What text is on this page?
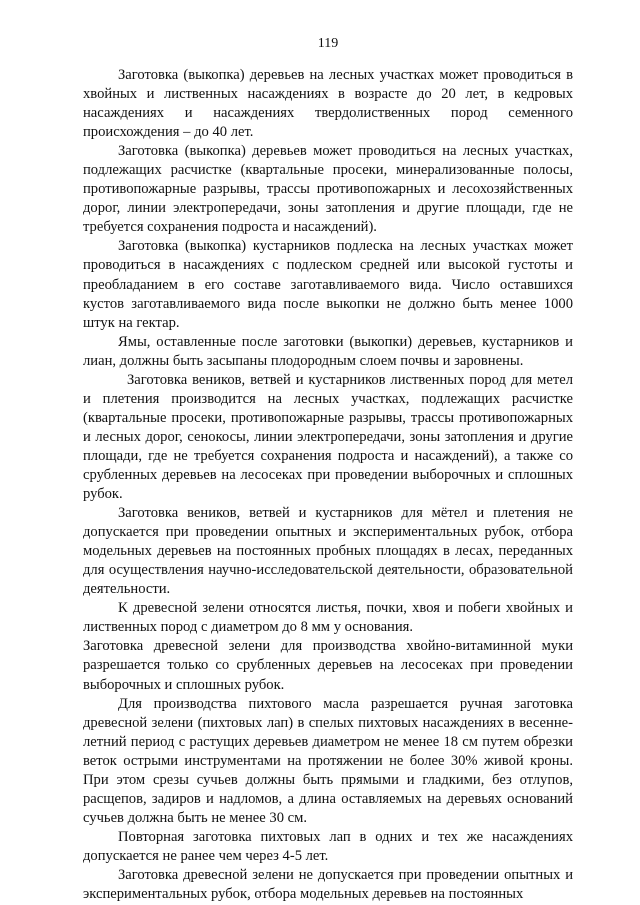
119

Заготовка (выкопка) деревьев на лесных участках может проводиться в хвойных и лиственных насаждениях в возрасте до 20 лет, в кедровых насаждениях и насаждениях твердолиственных пород семенного происхождения – до 40 лет.

Заготовка (выкопка) деревьев может проводиться на лесных участках, подлежащих расчистке (квартальные просеки, минерализованные полосы, противопожарные разрывы, трассы противопожарных и лесохозяйственных дорог, линии электропередачи, зоны затопления и другие площади, где не требуется сохранения подроста и насаждений).

Заготовка (выкопка) кустарников подлеска на лесных участках может проводиться в насаждениях с подлеском средней или высокой густоты и преобладанием в его составе заготавливаемого вида. Число оставшихся кустов заготавливаемого вида после выкопки не должно быть менее 1000 штук на гектар.

Ямы, оставленные после заготовки (выкопки) деревьев, кустарников и лиан, должны быть засыпаны плодородным слоем почвы и заровнены.

Заготовка веников, ветвей и кустарников лиственных пород для метел и плетения производится на лесных участках, подлежащих расчистке (квартальные просеки, противопожарные разрывы, трассы противопожарных и лесных дорог, сенокосы, линии электропередачи, зоны затопления и другие площади, где не требуется сохранения подроста и насаждений), а также со срубленных деревьев на лесосеках при проведении выборочных и сплошных рубок.

Заготовка веников, ветвей и кустарников для мётел и плетения не допускается при проведении опытных и экспериментальных рубок, отбора модельных деревьев на постоянных пробных площадях в лесах, переданных для осуществления научно-исследовательской деятельности, образовательной деятельности.

К древесной зелени относятся листья, почки, хвоя и побеги хвойных и лиственных пород с диаметром до 8 мм у основания.

Заготовка древесной зелени для производства хвойно-витаминной муки разрешается только со срубленных деревьев на лесосеках при проведении выборочных и сплошных рубок.

Для производства пихтового масла разрешается ручная заготовка древесной зелени (пихтовых лап) в спелых пихтовых насаждениях в весенне-летний период с растущих деревьев диаметром не менее 18 см путем обрезки веток острыми инструментами на протяжении не более 30% живой кроны. При этом срезы сучьев должны быть прямыми и гладкими, без отлупов, расщепов, задиров и надломов, а длина оставляемых на деревьях оснований сучьев должна быть не менее 30 см.

Повторная заготовка пихтовых лап в одних и тех же насаждениях допускается не ранее чем через 4-5 лет.

Заготовка древесной зелени не допускается при проведении опытных и экспериментальных рубок, отбора модельных деревьев на постоянных
